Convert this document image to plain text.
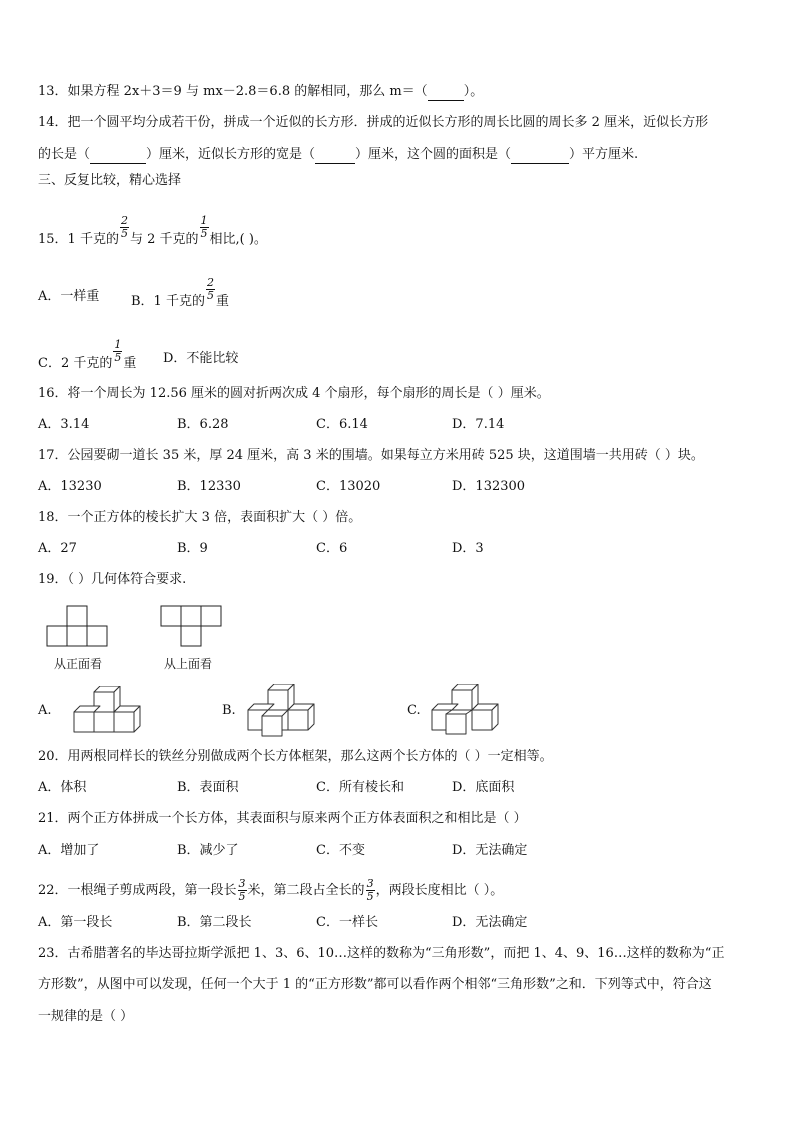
13．如果方程 2x＋3＝9 与 mx－2.8＝6.8 的解相同，那么 m＝（	）。
14．把一个圆平均分成若干份，拼成一个近似的长方形．拼成的近似长方形的周长比圆的周长多 2 厘米，近似长方形
的长是（	）厘米，近似长方形的宽是（	）厘米，这个圆的面积是（	）平方厘米.
三、反复比较，精心选择
15．1 千克的 $\frac{2}{5}$ 与 2 千克的 $\frac{1}{5}$ 相比,( )。
A．一样重 B．1 千克的 $\frac{2}{5}$ 重
C．2 千克的 $\frac{1}{5}$ 重 D．不能比较
16．将一个周长为 12.56 厘米的圆对折两次成 4 个扇形，每个扇形的周长是（ ）厘米。
A．3.14	B．6.28	C．6.14	D．7.14
17．公园要砌一道长 35 米，厚 24 厘米，高 3 米的围墙。如果每立方米用砖 525 块，这道围墙一共用砖（ ）块。
A．13230	B．12330	C．13020	D．132300
18．一个正方体的棱长扩大 3 倍，表面积扩大（ ）倍。
A．27	B．9	C．6	D．3
19．（ ）几何体符合要求.
从正面看	从上面看
A.	B.	C.
20．用两根同样长的铁丝分别做成两个长方体框架，那么这两个长方体的（ ）一定相等。
A．体积	B．表面积	C．所有棱长和	D．底面积
21．两个正方体拼成一个长方体，其表面积与原来两个正方体表面积之和相比是（ ）
A．增加了	B．减少了	C．不变	D．无法确定
22．一根绳子剪成两段，第一段长 $\frac{3}{5}$ 米，第二段占全长的 $\frac{3}{5}$ ，两段长度相比（ ）。
A．第一段长	B．第二段长	C．一样长	D．无法确定
23．古希腊著名的毕达哥拉斯学派把 1、3、6、10…这样的数称为“三角形数”，而把 1、4、9、16…这样的数称为“正
方形数”，从图中可以发现，任何一个大于 1 的“正方形数”都可以看作两个相邻“三角形数”之和．下列等式中，符合这
一规律的是（ ）
